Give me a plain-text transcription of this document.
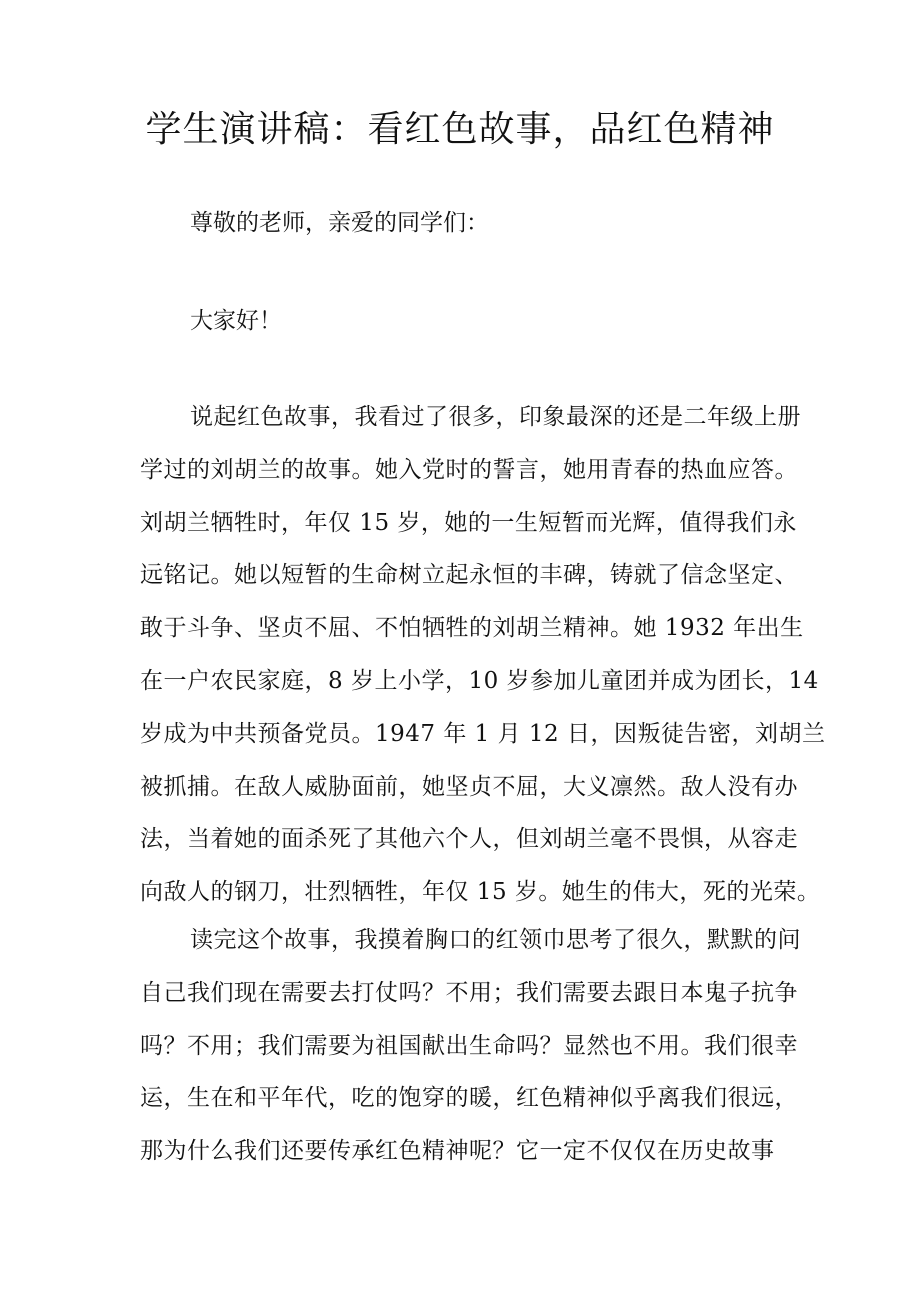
学生演讲稿：看红色故事，品红色精神

尊敬的老师，亲爱的同学们：

大家好！

说起红色故事，我看过了很多，印象最深的还是二年级上册
学过的刘胡兰的故事。她入党时的誓言，她用青春的热血应答。
刘胡兰牺牲时，年仅 15 岁，她的一生短暂而光辉，值得我们永
远铭记。她以短暂的生命树立起永恒的丰碑，铸就了信念坚定、
敢于斗争、坚贞不屈、不怕牺牲的刘胡兰精神。她 1932 年出生
在一户农民家庭，8 岁上小学，10 岁参加儿童团并成为团长，14
岁成为中共预备党员。1947 年 1 月 12 日，因叛徒告密，刘胡兰
被抓捕。在敌人威胁面前，她坚贞不屈，大义凛然。敌人没有办
法，当着她的面杀死了其他六个人，但刘胡兰毫不畏惧，从容走
向敌人的钢刀，壮烈牺牲，年仅 15 岁。她生的伟大，死的光荣。

读完这个故事，我摸着胸口的红领巾思考了很久，默默的问
自己我们现在需要去打仗吗？不用；我们需要去跟日本鬼子抗争
吗？不用；我们需要为祖国献出生命吗？显然也不用。我们很幸
运，生在和平年代，吃的饱穿的暖，红色精神似乎离我们很远，
那为什么我们还要传承红色精神呢？它一定不仅仅在历史故事
